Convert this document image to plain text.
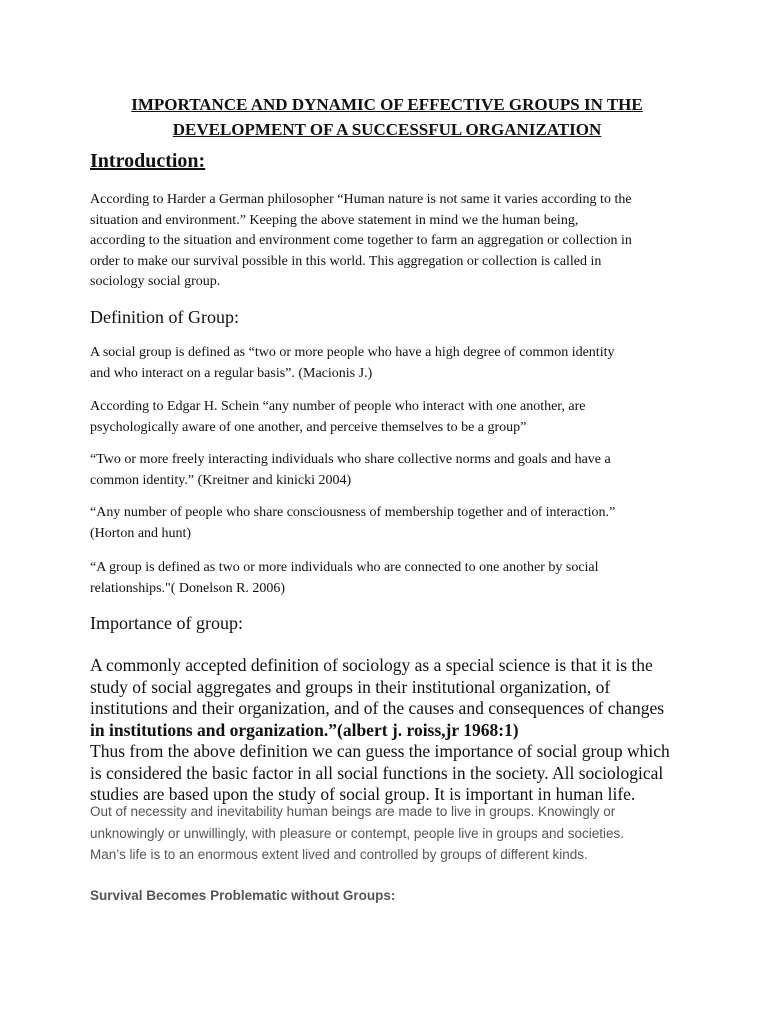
IMPORTANCE AND DYNAMIC OF EFFECTIVE GROUPS IN THE
DEVELOPMENT OF A SUCCESSFUL ORGANIZATION
Introduction:

According to Harder a German philosopher “Human nature is not same it varies according to the
situation and environment.” Keeping the above statement in mind we the human being,
according to the situation and environment come together to farm an aggregation or collection in
order to make our survival possible in this world. This aggregation or collection is called in
sociology social group.

Definition of Group:

A social group is defined as “two or more people who have a high degree of common identity
and who interact on a regular basis”. (Macionis J.)

According to Edgar H. Schein “any number of people who interact with one another, are
psychologically aware of one another, and perceive themselves to be a group”

“Two or more freely interacting individuals who share collective norms and goals and have a
common identity.” (Kreitner and kinicki 2004)

“Any number of people who share consciousness of membership together and of interaction.”
(Horton and hunt)

“A group is defined as two or more individuals who are connected to one another by social
relationships."( Donelson R. 2006)

Importance of group:

A commonly accepted definition of sociology as a special science is that it is the
study of social aggregates and groups in their institutional organization, of
institutions and their organization, and of the causes and consequences of changes
in institutions and organization.”(albert j. roiss,jr 1968:1)
Thus from the above definition we can guess the importance of social group which
is considered the basic factor in all social functions in the society. All sociological
studies are based upon the study of social group. It is important in human life.

Out of necessity and inevitability human beings are made to live in groups. Knowingly or
unknowingly or unwillingly, with pleasure or contempt, people live in groups and societies.
Man’s life is to an enormous extent lived and controlled by groups of different kinds.

Survival Becomes Problematic without Groups:
